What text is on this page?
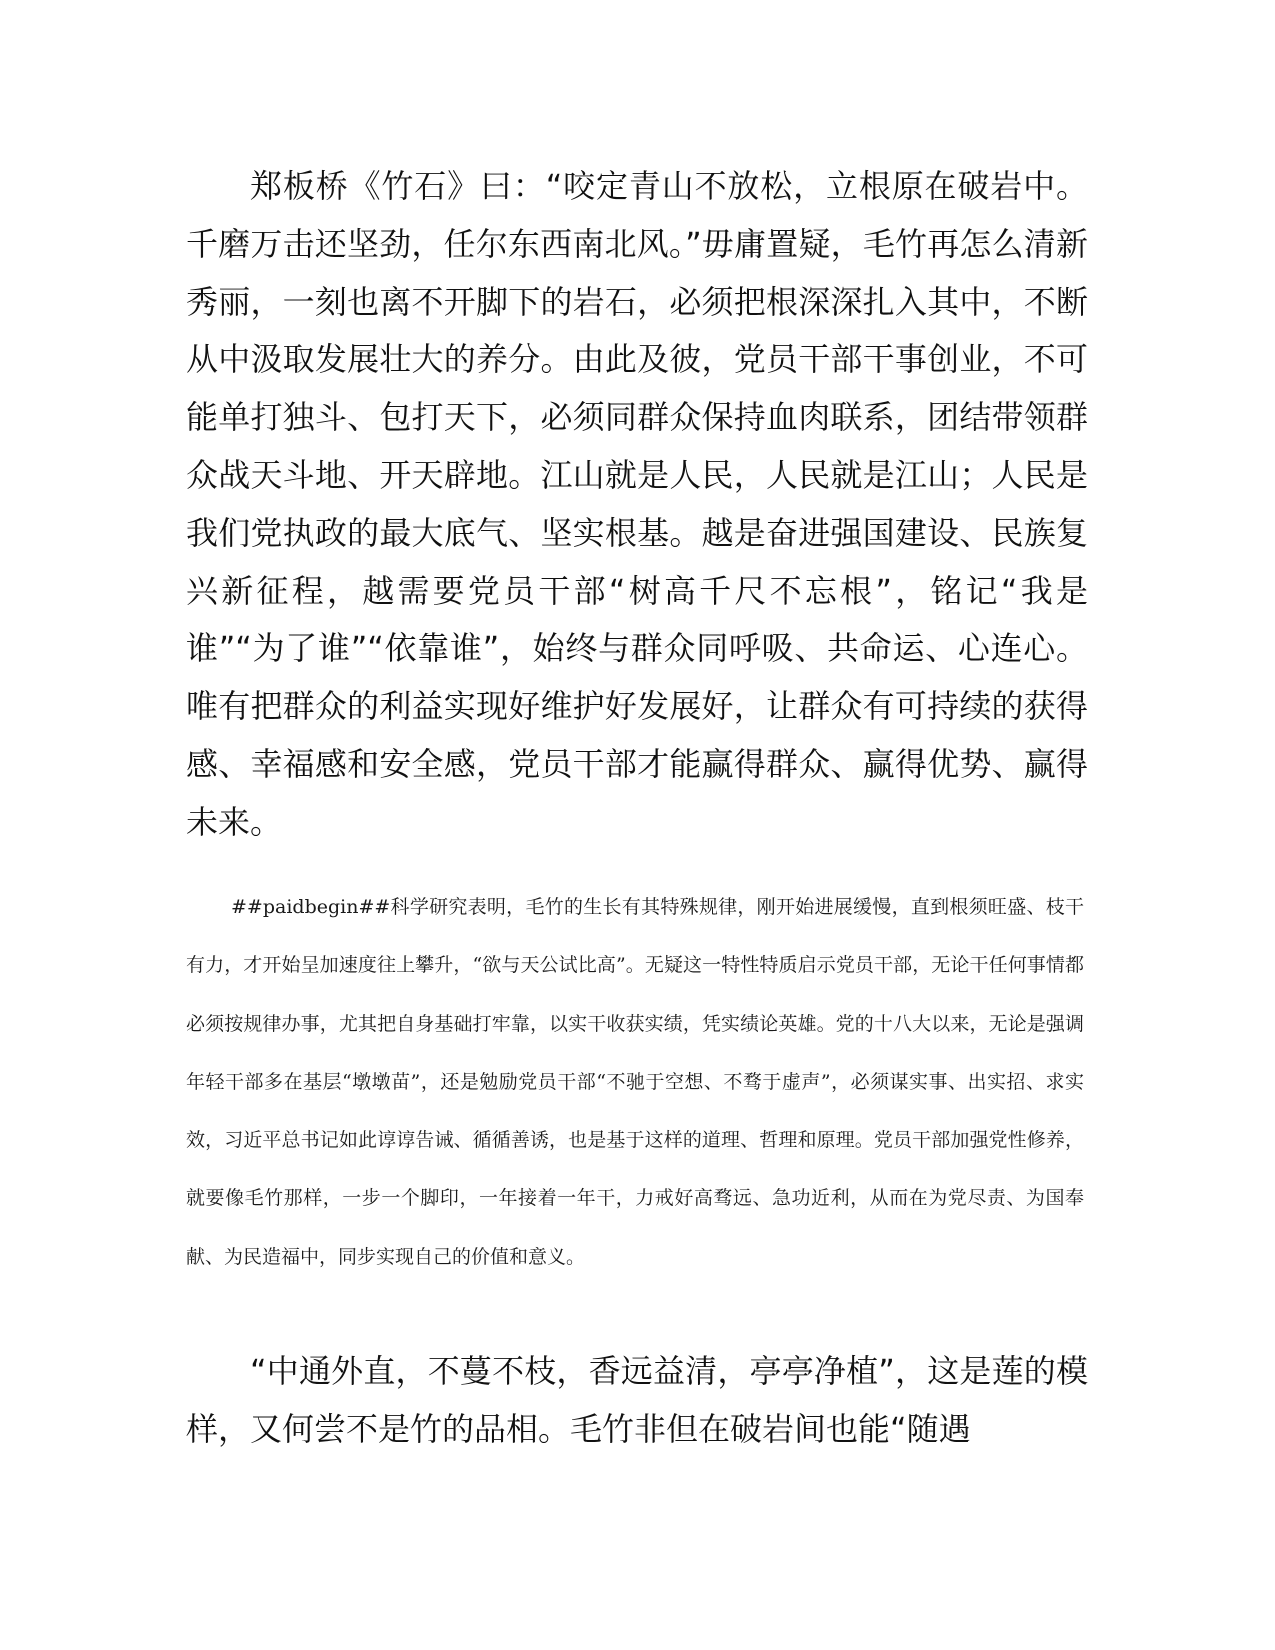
郑板桥《竹石》曰：“咬定青山不放松，立根原在破岩中。千磨万击还坚劲，任尔东西南北风。”毋庸置疑，毛竹再怎么清新秀丽，一刻也离不开脚下的岩石，必须把根深深扎入其中，不断从中汲取发展壮大的养分。由此及彼，党员干部干事创业，不可能单打独斗、包打天下，必须同群众保持血肉联系，团结带领群众战天斗地、开天辟地。江山就是人民，人民就是江山；人民是我们党执政的最大底气、坚实根基。越是奋进强国建设、民族复兴新征程，越需要党员干部“树高千尺不忘根”，铭记“我是谁”“为了谁”“依靠谁”，始终与群众同呼吸、共命运、心连心。唯有把群众的利益实现好维护好发展好，让群众有可持续的获得感、幸福感和安全感，党员干部才能赢得群众、赢得优势、赢得未来。

##paidbegin##科学研究表明，毛竹的生长有其特殊规律，刚开始进展缓慢，直到根须旺盛、枝干有力，才开始呈加速度往上攀升，“欲与天公试比高”。无疑这一特性特质启示党员干部，无论干任何事情都必须按规律办事，尤其把自身基础打牢靠，以实干收获实绩，凭实绩论英雄。党的十八大以来，无论是强调年轻干部多在基层“墩墩苗”，还是勉励党员干部“不驰于空想、不骛于虚声”，必须谋实事、出实招、求实效，习近平总书记如此谆谆告诫、循循善诱，也是基于这样的道理、哲理和原理。党员干部加强党性修养，就要像毛竹那样，一步一个脚印，一年接着一年干，力戒好高骛远、急功近利，从而在为党尽责、为国奉献、为民造福中，同步实现自己的价值和意义。

“中通外直，不蔓不枝，香远益清，亭亭净植”，这是莲的模样，又何尝不是竹的品相。毛竹非但在破岩间也能“随遇
